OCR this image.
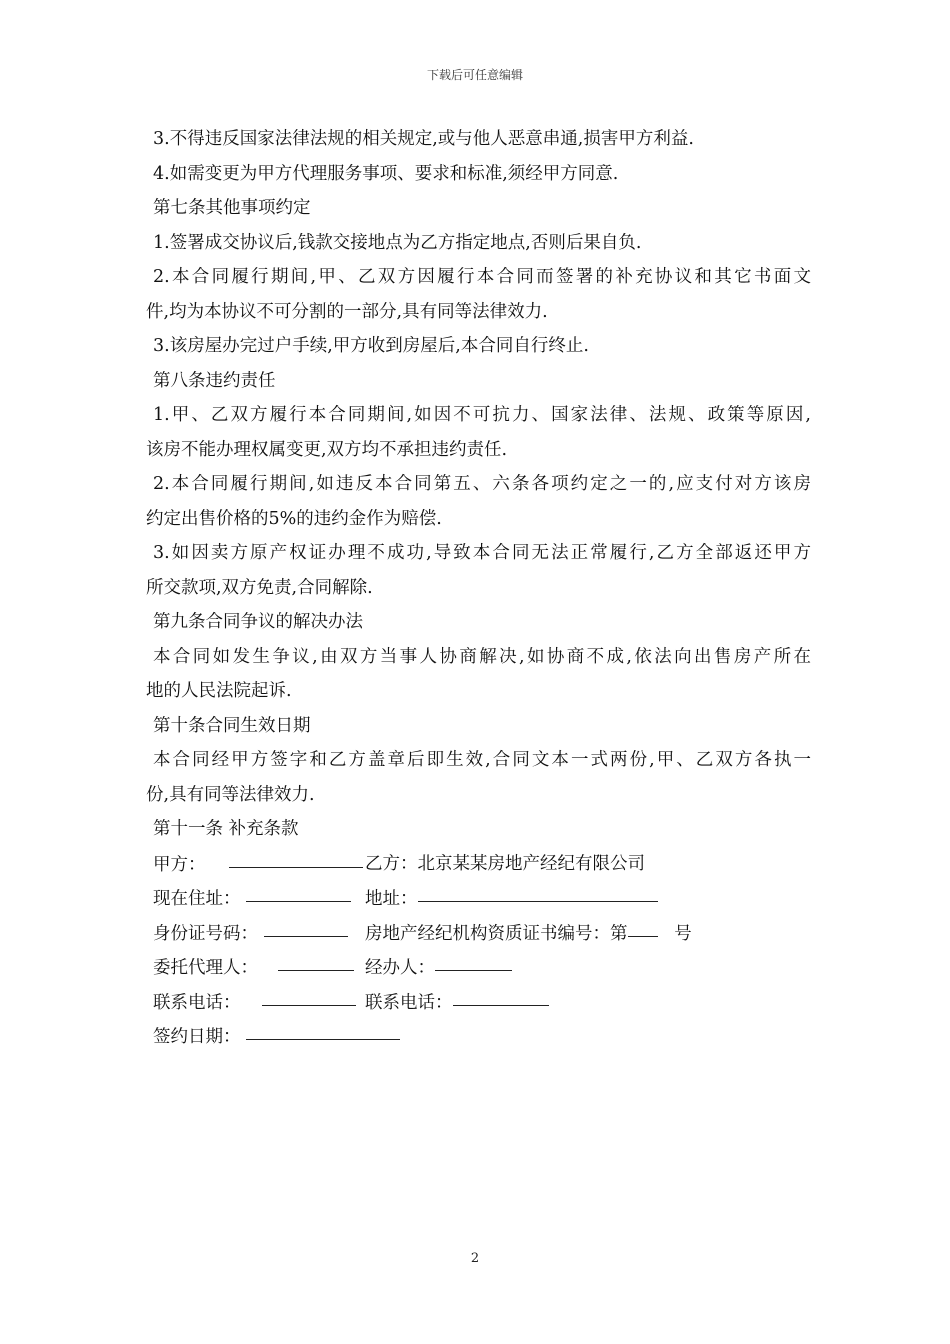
下载后可任意编辑
3.不得违反国家法律法规的相关规定,或与他人恶意串通,损害甲方利益.
4.如需变更为甲方代理服务事项、要求和标准,须经甲方同意.
第七条其他事项约定
1.签署成交协议后,钱款交接地点为乙方指定地点,否则后果自负.
2.本合同履行期间,甲、乙双方因履行本合同而签署的补充协议和其它书面文
件,均为本协议不可分割的一部分,具有同等法律效力.
3.该房屋办完过户手续,甲方收到房屋后,本合同自行终止.
第八条违约责任
1.甲、乙双方履行本合同期间,如因不可抗力、国家法律、法规、政策等原因,
该房不能办理权属变更,双方均不承担违约责任.
2.本合同履行期间,如违反本合同第五、六条各项约定之一的,应支付对方该房
约定出售价格的5%的违约金作为赔偿.
3.如因卖方原产权证办理不成功,导致本合同无法正常履行,乙方全部返还甲方
所交款项,双方免责,合同解除.
第九条合同争议的解决办法
本合同如发生争议,由双方当事人协商解决,如协商不成,依法向出售房产所在
地的人民法院起诉.
第十条合同生效日期
本合同经甲方签字和乙方盖章后即生效,合同文本一式两份,甲、乙双方各执一
份,具有同等法律效力.
第十一条 补充条款
甲方：	乙方：北京某某房地产经纪有限公司
现在住址：	地址：
身份证号码：	房地产经纪机构资质证书编号：第	号
委托代理人：	经办人：
联系电话：	联系电话：
签约日期：
2
